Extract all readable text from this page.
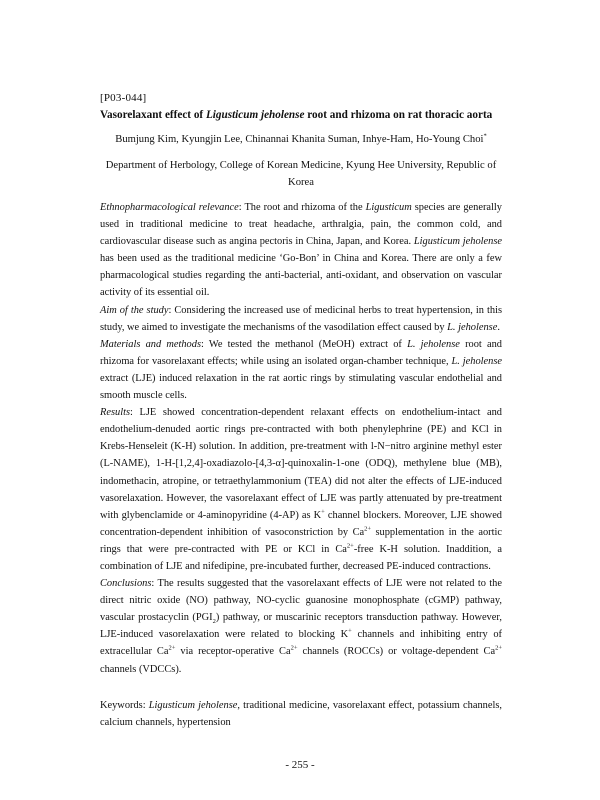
[P03-044]
Vasorelaxant effect of Ligusticum jeholense root and rhizoma on rat thoracic aorta
Bumjung Kim, Kyungjin Lee, Chinannai Khanita Suman, Inhye-Ham, Ho-Young Choi*
Department of Herbology, College of Korean Medicine, Kyung Hee University, Republic of Korea

Ethnopharmacological relevance: The root and rhizoma of the Ligusticum species are generally used in traditional medicine to treat headache, arthralgia, pain, the common cold, and cardiovascular disease such as angina pectoris in China, Japan, and Korea. Ligusticum jeholense has been used as the traditional medicine ‘Go-Bon’ in China and Korea. There are only a few pharmacological studies regarding the anti-bacterial, anti-oxidant, and observation on vascular activity of its essential oil.

Aim of the study: Considering the increased use of medicinal herbs to treat hypertension, in this study, we aimed to investigate the mechanisms of the vasodilation effect caused by L. jeholense.

Materials and methods: We tested the methanol (MeOH) extract of L. jeholense root and rhizoma for vasorelaxant effects; while using an isolated organ-chamber technique, L. jeholense extract (LJE) induced relaxation in the rat aortic rings by stimulating vascular endothelial and smooth muscle cells.

Results: LJE showed concentration-dependent relaxant effects on endothelium-intact and endothelium-denuded aortic rings pre-contracted with both phenylephrine (PE) and KCl in Krebs-Henseleit (K-H) solution. In addition, pre-treatment with l-N−nitro arginine methyl ester (L-NAME), 1-H-[1,2,4]-oxadiazolo-[4,3-α]-quinoxalin-1-one (ODQ), methylene blue (MB), indomethacin, atropine, or tetraethylammonium (TEA) did not alter the effects of LJE-induced vasorelaxation. However, the vasorelaxant effect of LJE was partly attenuated by pre-treatment with glybenclamide or 4-aminopyridine (4-AP) as K+ channel blockers. Moreover, LJE showed concentration-dependent inhibition of vasoconstriction by $Ca^{2+}$ supplementation in the aortic rings that were pre-contracted with PE or KCl in $Ca^{2+}$-free K-H solution. Inaddition, a combination of LJE and nifedipine, pre-incubated further, decreased PE-induced contractions.

Conclusions: The results suggested that the vasorelaxant effects of LJE were not related to the direct nitric oxide (NO) pathway, NO-cyclic guanosine monophosphate (cGMP) pathway, vascular prostacyclin $(PGI_2)$ pathway, or muscarinic receptors transduction pathway. However, LJE-induced vasorelaxation were related to blocking K+ channels and inhibiting entry of extracellular $Ca^{2+}$ via receptor-operative $Ca^{2+}$ channels (ROCCs) or voltage-dependent $Ca^{2+}$ channels (VDCCs).

Keywords: Ligusticum jeholense, traditional medicine, vasorelaxant effect, potassium channels, calcium channels, hypertension
- 255 -
